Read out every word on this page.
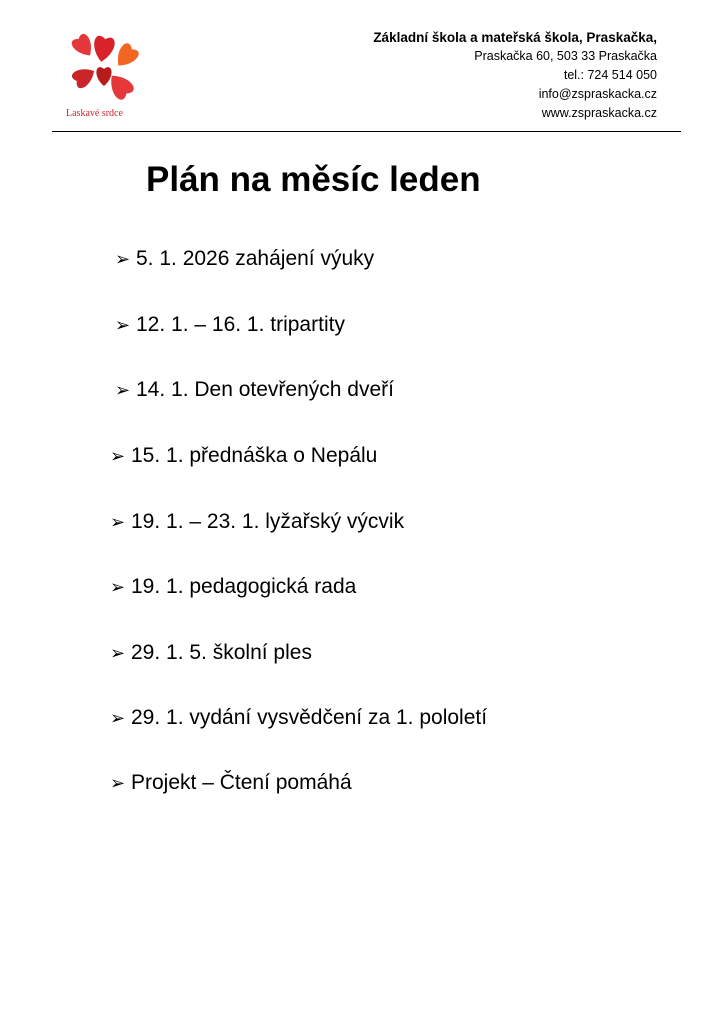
Laskavé srdce
Základní škola a mateřská škola, Praskačka,
Praskačka 60, 503 33 Praskačka
tel.: 724 514 050
info@zspraskacka.cz
www.zspraskacka.cz
Plán na měsíc leden
➢ 5. 1. 2026 zahájení výuky
➢ 12. 1. – 16. 1. tripartity
➢ 14. 1. Den otevřených dveří
➢ 15. 1. přednáška o Nepálu
➢ 19. 1. – 23. 1. lyžařský výcvik
➢ 19. 1. pedagogická rada
➢ 29. 1. 5. školní ples
➢ 29. 1. vydání vysvědčení za 1. pololetí
➢ Projekt – Čtení pomáhá
